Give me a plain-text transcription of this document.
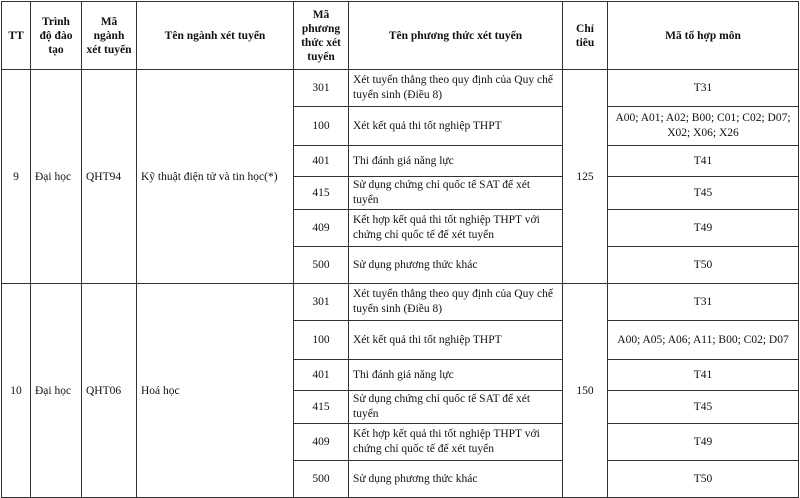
TT	Trình độ đào tạo	Mã ngành xét tuyển	Tên ngành xét tuyển	Mã phương thức xét tuyển	Tên phương thức xét tuyển	Chỉ tiêu	Mã tổ hợp môn
9	Đại học	QHT94	Kỹ thuật điện tử và tin học(*)	301	Xét tuyển thẳng theo quy định của Quy chế tuyển sinh (Điều 8)	125	T31
				100	Xét kết quả thi tốt nghiệp THPT		A00; A01; A02; B00; C01; C02; D07; X02; X06; X26
				401	Thi đánh giá năng lực		T41
				415	Sử dụng chứng chỉ quốc tế SAT để xét tuyển		T45
				409	Kết hợp kết quả thi tốt nghiệp THPT với chứng chỉ quốc tế để xét tuyển		T49
				500	Sử dụng phương thức khác		T50
10	Đại học	QHT06	Hoá học	301	Xét tuyển thẳng theo quy định của Quy chế tuyển sinh (Điều 8)	150	T31
				100	Xét kết quả thi tốt nghiệp THPT		A00; A05; A06; A11; B00; C02; D07
				401	Thi đánh giá năng lực		T41
				415	Sử dụng chứng chỉ quốc tế SAT để xét tuyển		T45
				409	Kết hợp kết quả thi tốt nghiệp THPT với chứng chỉ quốc tế để xét tuyển		T49
				500	Sử dụng phương thức khác		T50
